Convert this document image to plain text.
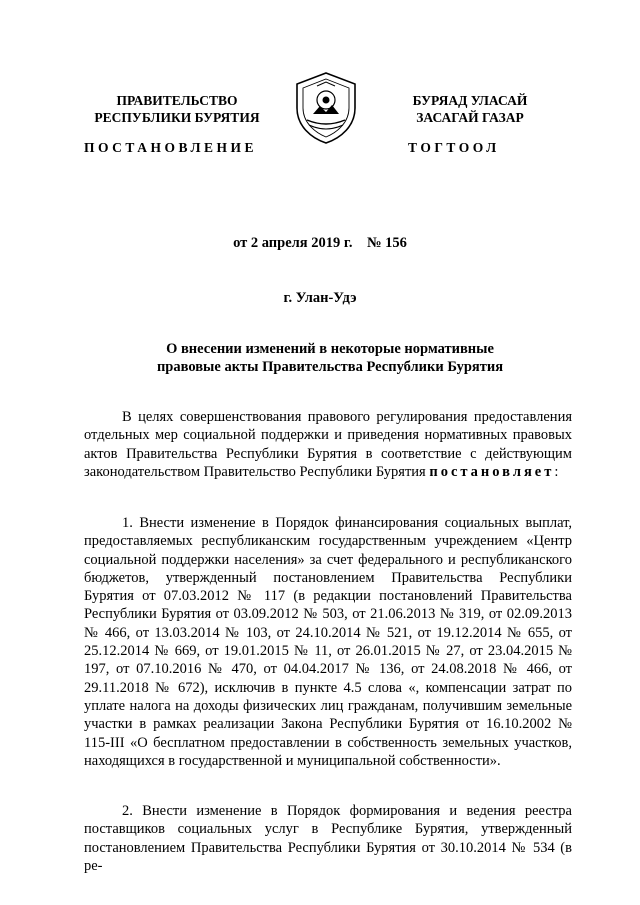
ПРАВИТЕЛЬСТВО
РЕСПУБЛИКИ БУРЯТИЯ
БУРЯАД УЛАСАЙ
ЗАСАГАЙ ГАЗАР
ПОСТАНОВЛЕНИЕ	ТОГТООЛ
от 2 апреля 2019 г.    № 156
г. Улан-Удэ
О внесении изменений в некоторые нормативные
правовые акты Правительства Республики Бурятия
В целях совершенствования правового регулирования предоставления отдельных мер социальной поддержки и приведения нормативных правовых актов Правительства Республики Бурятия в соответствие с действующим законодательством Правительство Республики Бурятия постановляет:
1. Внести изменение в Порядок финансирования социальных выплат, предоставляемых республиканским государственным учреждением «Центр социальной поддержки населения» за счет федерального и республиканского бюджетов, утвержденный постановлением Правительства Республики Бурятия от 07.03.2012 № 117 (в редакции постановлений Правительства Республики Бурятия от 03.09.2012 № 503, от 21.06.2013 № 319, от 02.09.2013 № 466, от 13.03.2014 № 103, от 24.10.2014 № 521, от 19.12.2014 № 655, от 25.12.2014 № 669, от 19.01.2015 № 11, от 26.01.2015 № 27, от 23.04.2015 № 197, от 07.10.2016 № 470, от 04.04.2017 № 136, от 24.08.2018 № 466, от 29.11.2018 № 672), исключив в пункте 4.5 слова «, компенсации затрат по уплате налога на доходы физических лиц гражданам, получившим земельные участки в рамках реализации Закона Республики Бурятия от 16.10.2002 № 115-III «О бесплатном предоставлении в собственность земельных участков, находящихся в государственной и муниципальной собственности».
2. Внести изменение в Порядок формирования и ведения реестра поставщиков социальных услуг в Республике Бурятия, утвержденный постановлением Правительства Республики Бурятия от 30.10.2014 № 534 (в ре-
